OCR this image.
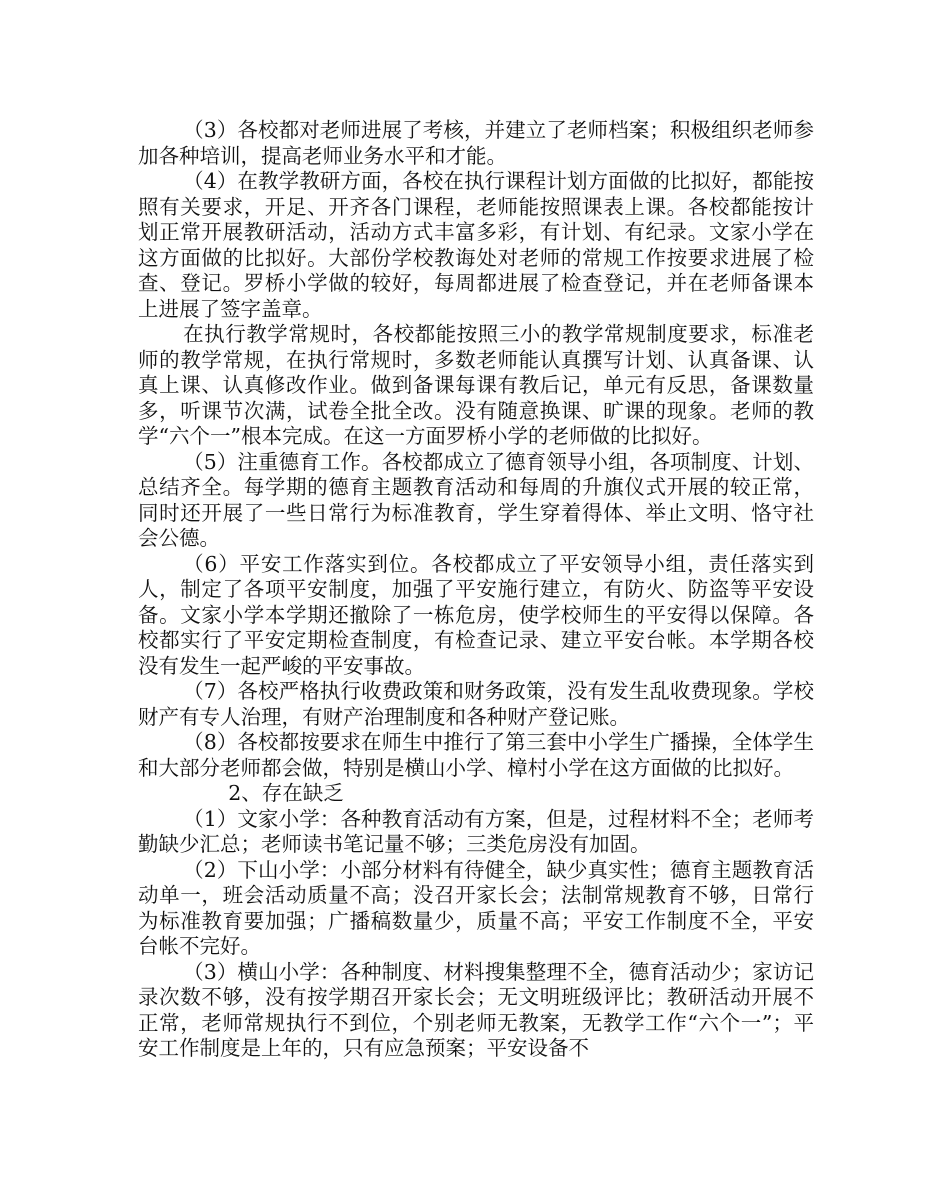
（3）各校都对老师进展了考核，并建立了老师档案；积极组织老师参加各种培训，提高老师业务水平和才能。

（4）在教学教研方面，各校在执行课程计划方面做的比拟好，都能按照有关要求，开足、开齐各门课程，老师能按照课表上课。各校都能按计划正常开展教研活动，活动方式丰富多彩，有计划、有纪录。文家小学在这方面做的比拟好。大部份学校教诲处对老师的常规工作按要求进展了检查、登记。罗桥小学做的较好，每周都进展了检查登记，并在老师备课本上进展了签字盖章。

在执行教学常规时，各校都能按照三小的教学常规制度要求，标准老师的教学常规，在执行常规时，多数老师能认真撰写计划、认真备课、认真上课、认真修改作业。做到备课每课有教后记，单元有反思，备课数量多，听课节次满，试卷全批全改。没有随意换课、旷课的现象。老师的教学“六个一”根本完成。在这一方面罗桥小学的老师做的比拟好。

（5）注重德育工作。各校都成立了德育领导小组，各项制度、计划、总结齐全。每学期的德育主题教育活动和每周的升旗仪式开展的较正常，同时还开展了一些日常行为标准教育，学生穿着得体、举止文明、恪守社会公德。

（6）平安工作落实到位。各校都成立了平安领导小组，责任落实到人，制定了各项平安制度，加强了平安施行建立，有防火、防盗等平安设备。文家小学本学期还撤除了一栋危房，使学校师生的平安得以保障。各校都实行了平安定期检查制度，有检查记录、建立平安台帐。本学期各校没有发生一起严峻的平安事故。

（7）各校严格执行收费政策和财务政策，没有发生乱收费现象。学校财产有专人治理，有财产治理制度和各种财产登记账。

（8）各校都按要求在师生中推行了第三套中小学生广播操，全体学生和大部分老师都会做，特别是横山小学、樟村小学在这方面做的比拟好。

2、存在缺乏

（1）文家小学：各种教育活动有方案，但是，过程材料不全；老师考勤缺少汇总；老师读书笔记量不够；三类危房没有加固。

（2）下山小学：小部分材料有待健全，缺少真实性；德育主题教育活动单一，班会活动质量不高；没召开家长会；法制常规教育不够，日常行为标准教育要加强；广播稿数量少，质量不高；平安工作制度不全，平安台帐不完好。

（3）横山小学：各种制度、材料搜集整理不全，德育活动少；家访记录次数不够，没有按学期召开家长会；无文明班级评比；教研活动开展不正常，老师常规执行不到位，个别老师无教案，无教学工作“六个一”；平安工作制度是上年的，只有应急预案；平安设备不
